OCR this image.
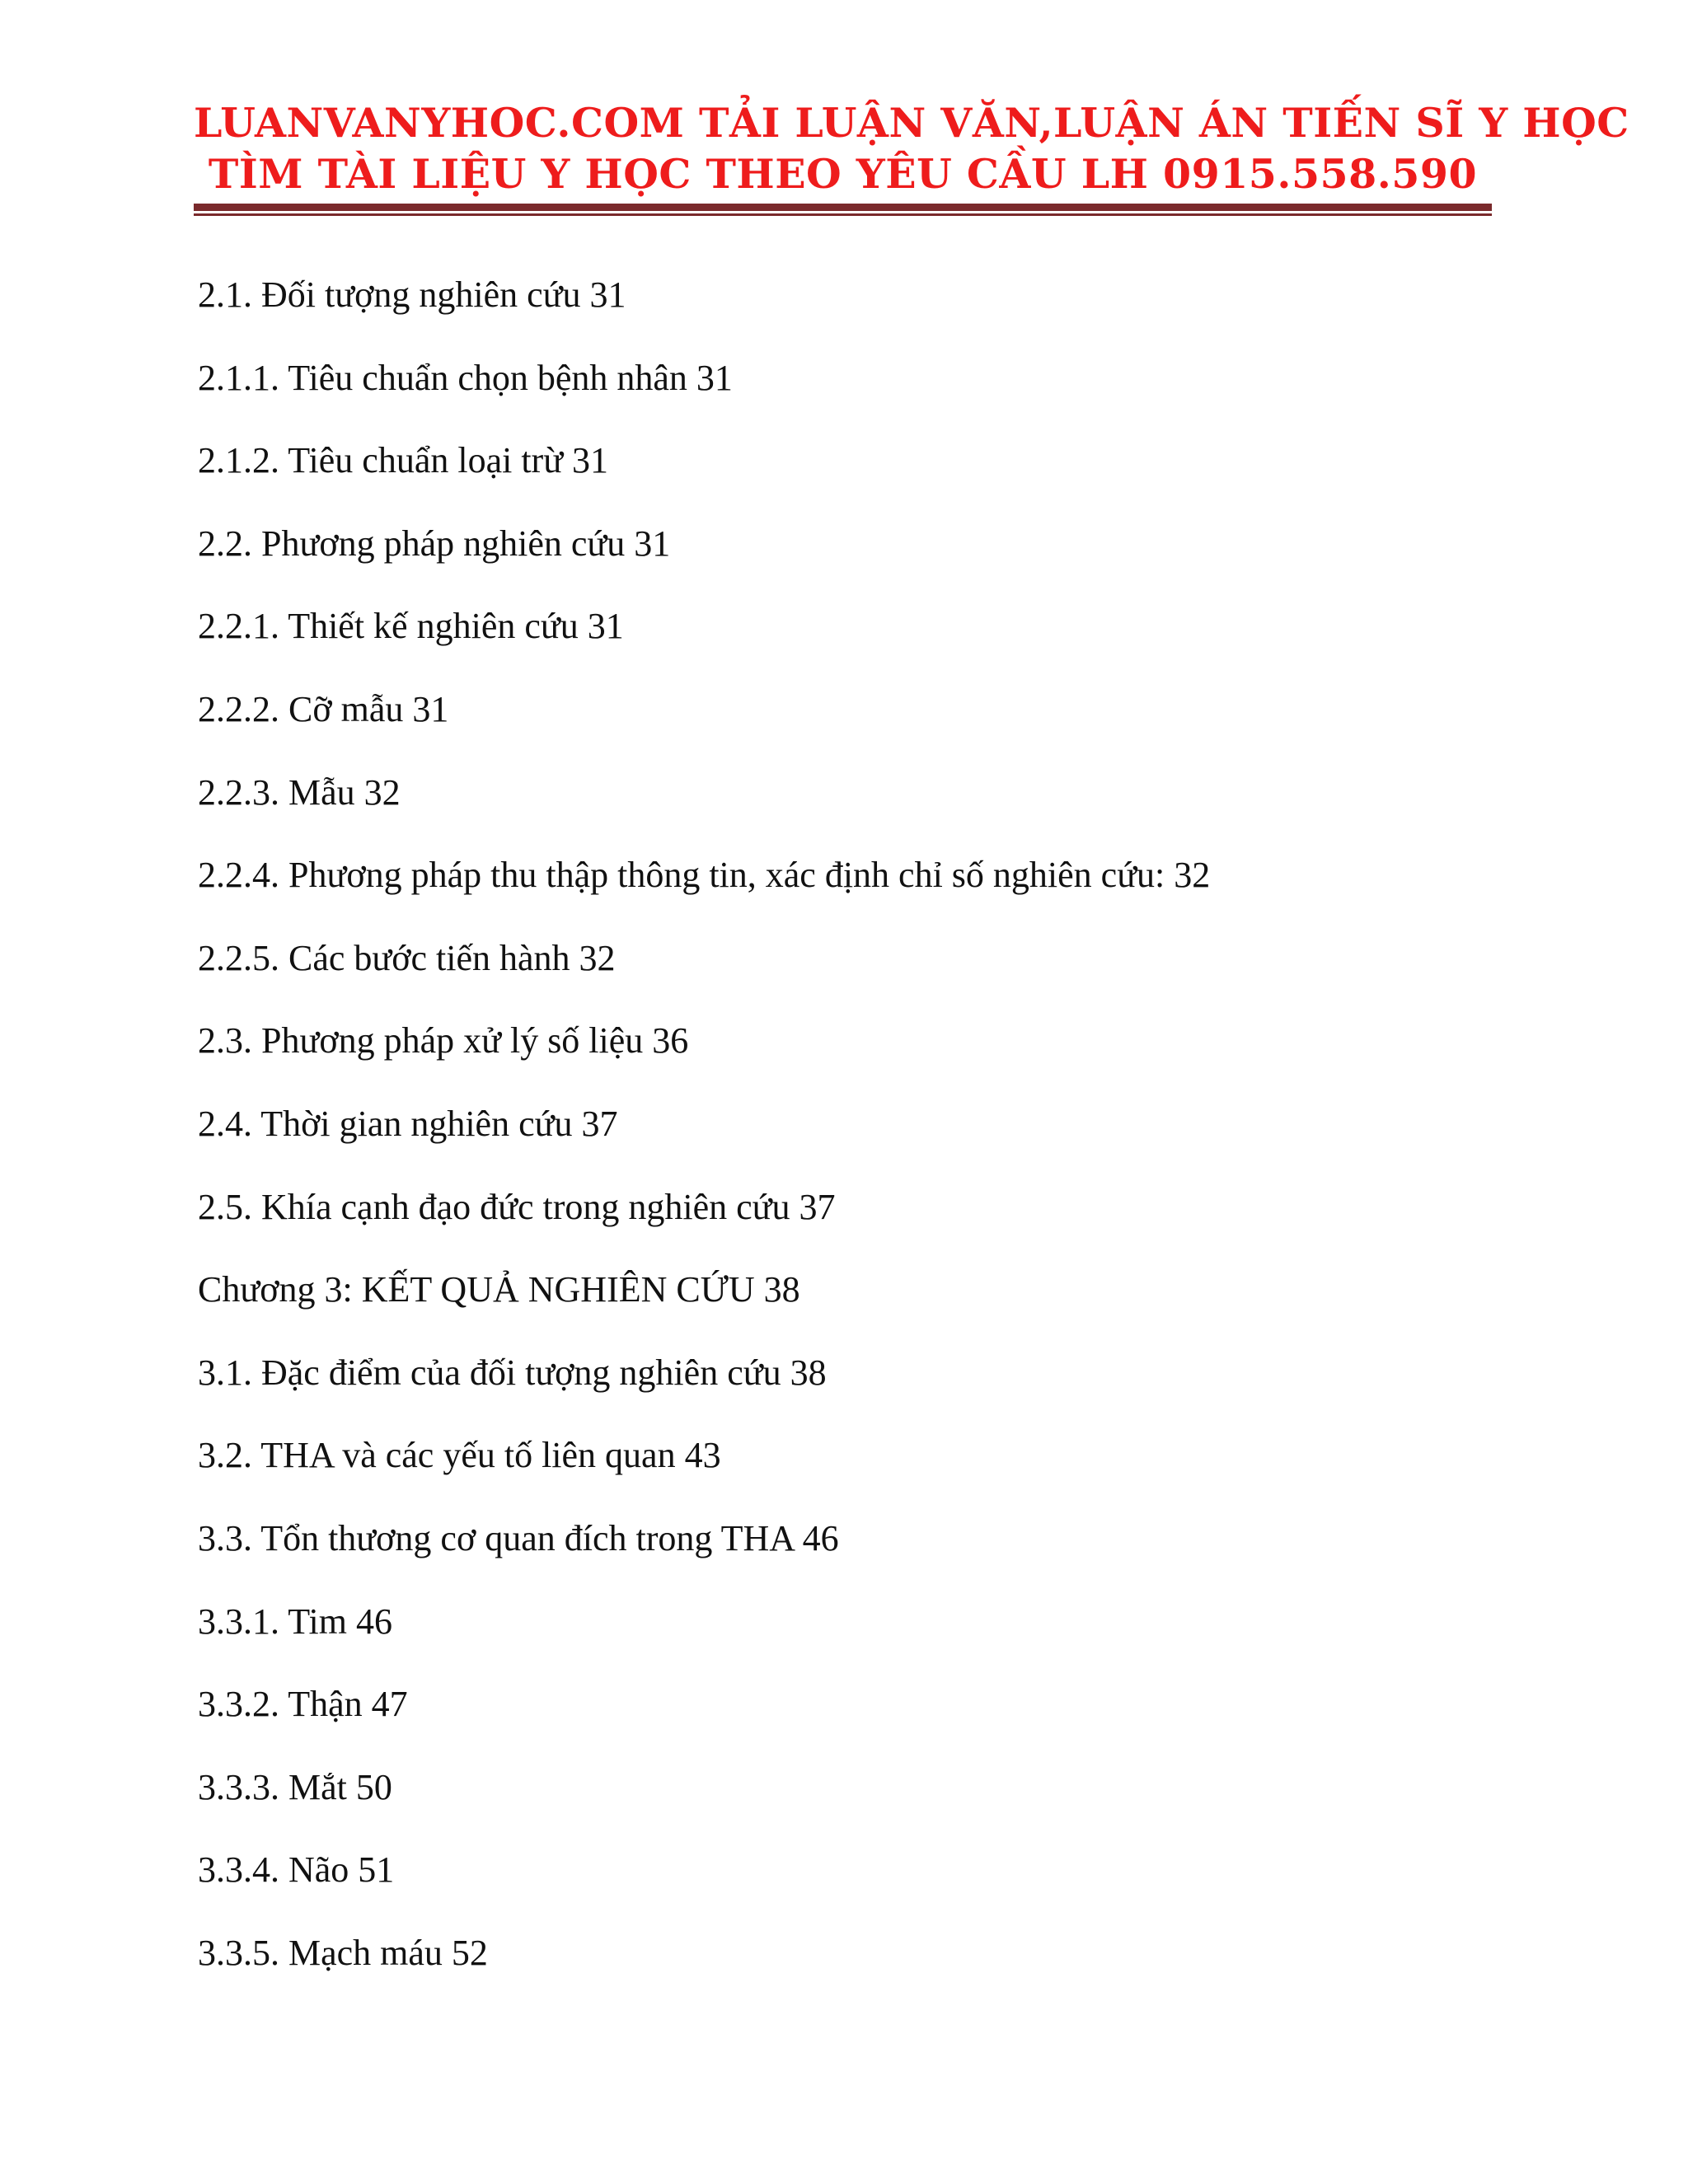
LUANVANYHOC.COM TẢI LUẬN VĂN,LUẬN ÁN TIẾN SĨ Y HỌC
TÌM TÀI LIỆU Y HỌC THEO YÊU CẦU LH 0915.558.590
2.1. Đối tượng nghiên cứu 31
2.1.1. Tiêu chuẩn chọn bệnh nhân 31
2.1.2. Tiêu chuẩn loại trừ 31
2.2. Phương pháp nghiên cứu 31
2.2.1. Thiết kế nghiên cứu 31
2.2.2. Cỡ mẫu 31
2.2.3. Mẫu 32
2.2.4. Phương pháp thu thập thông tin, xác định chỉ số nghiên cứu: 32
2.2.5. Các bước tiến hành 32
2.3. Phương pháp xử lý số liệu 36
2.4. Thời gian nghiên cứu 37
2.5. Khía cạnh đạo đức trong nghiên cứu 37
Chương 3: KẾT QUẢ NGHIÊN CỨU 38
3.1. Đặc điểm của đối tượng nghiên cứu 38
3.2. THA và các yếu tố liên quan 43
3.3. Tổn thương cơ quan đích trong THA 46
3.3.1. Tim 46
3.3.2. Thận 47
3.3.3. Mắt 50
3.3.4. Não 51
3.3.5. Mạch máu 52
